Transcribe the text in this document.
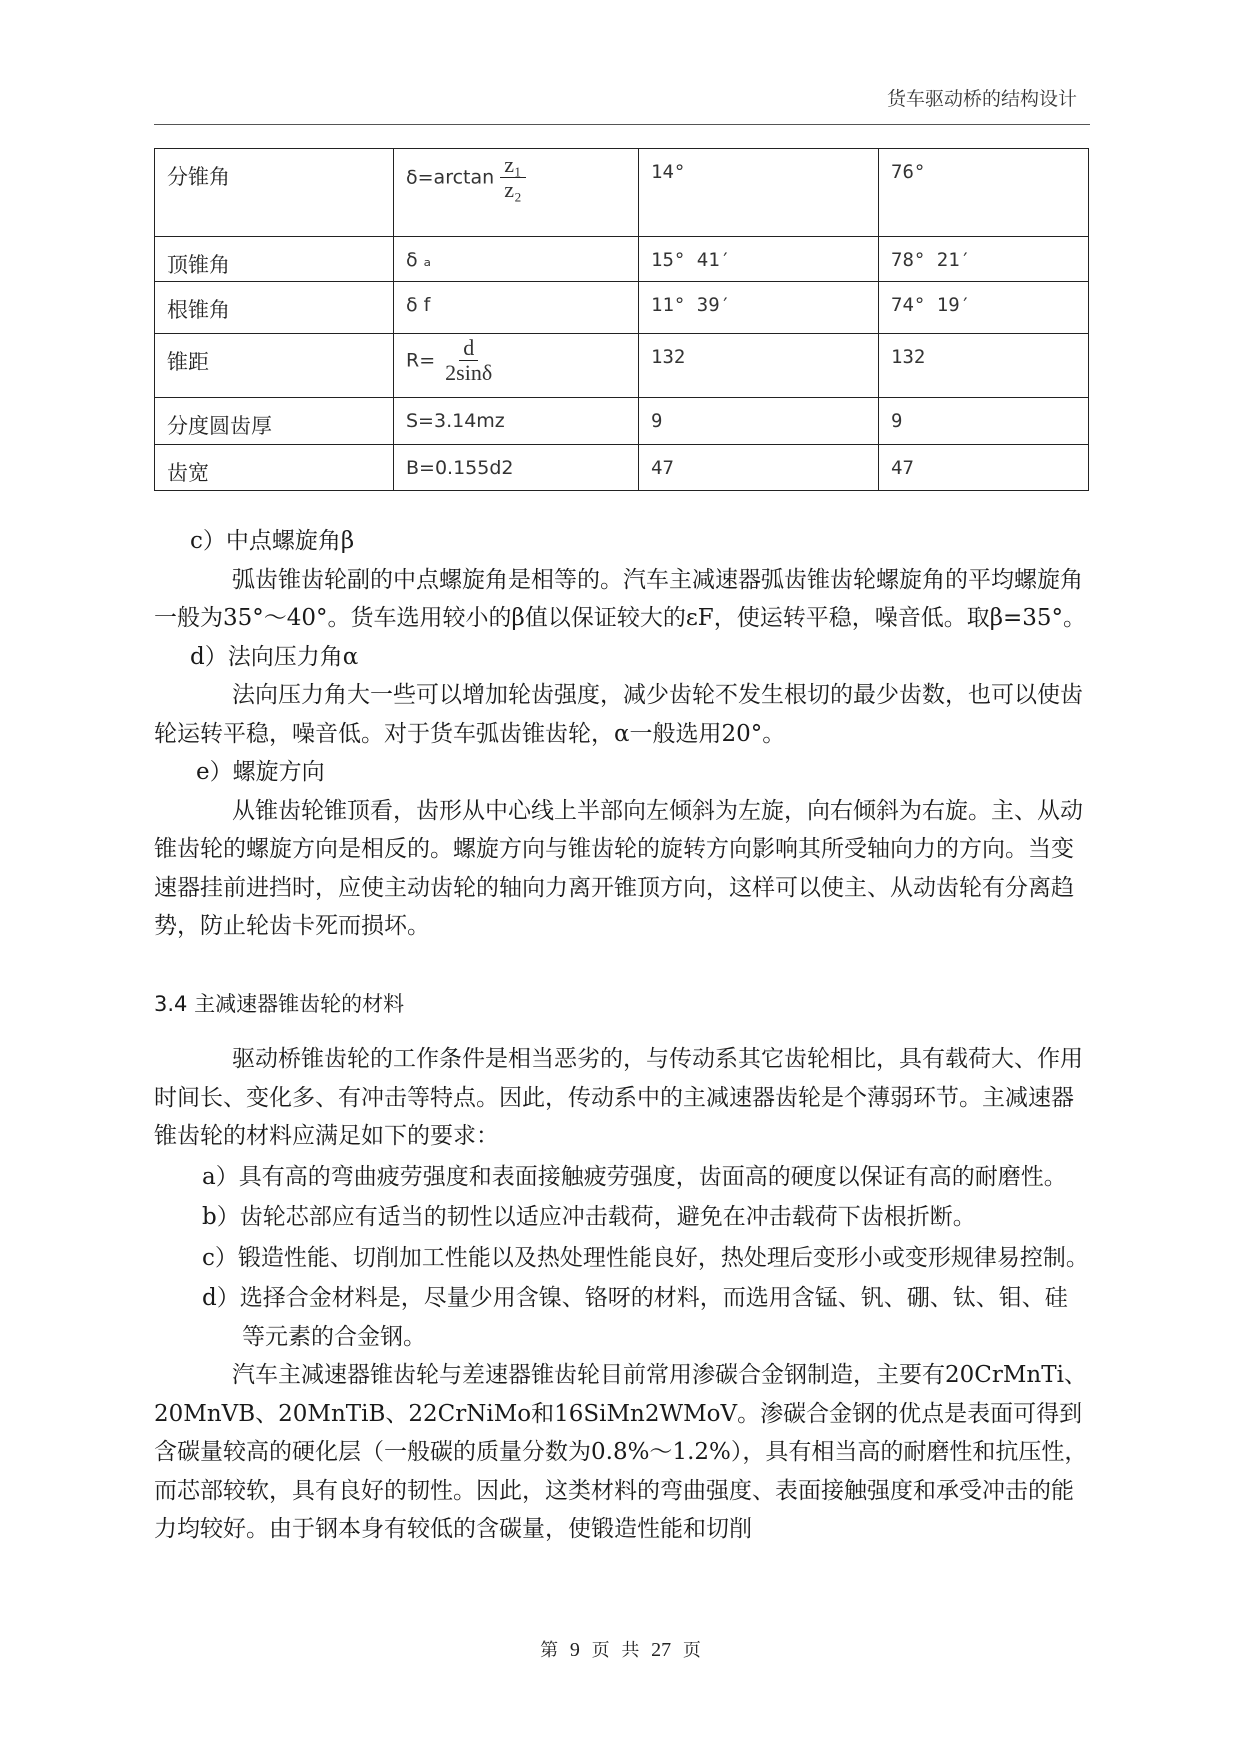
货车驱动桥的结构设计
分锥角	$\delta=\arctan \frac{\text{z₁}}{\text{z₂}}$	14°	76°
顶锥角	δ ₐ	15° 41′	78° 21′
根锥角	δ f	11° 39′	74° 19′
锥距	$R= \frac{d}{2\sin\delta}$	132	132
分度圆齿厚	S=3.14mz	9	9
齿宽	B=0.155d2	47	47

c）中点螺旋角β

弧齿锥齿轮副的中点螺旋角是相等的。汽车主减速器弧齿锥齿轮螺旋角的平均螺旋角一般为35°～40°。货车选用较小的β值以保证较大的εF，使运转平稳，噪音低。取β=35°。

d）法向压力角α

法向压力角大一些可以增加轮齿强度，减少齿轮不发生根切的最少齿数，也可以使齿轮运转平稳，噪音低。对于货车弧齿锥齿轮，α一般选用20°。

e）螺旋方向

从锥齿轮锥顶看，齿形从中心线上半部向左倾斜为左旋，向右倾斜为右旋。主、从动锥齿轮的螺旋方向是相反的。螺旋方向与锥齿轮的旋转方向影响其所受轴向力的方向。当变速器挂前进挡时，应使主动齿轮的轴向力离开锥顶方向，这样可以使主、从动齿轮有分离趋势，防止轮齿卡死而损坏。

3.4 主减速器锥齿轮的材料

驱动桥锥齿轮的工作条件是相当恶劣的，与传动系其它齿轮相比，具有载荷大、作用时间长、变化多、有冲击等特点。因此，传动系中的主减速器齿轮是个薄弱环节。主减速器锥齿轮的材料应满足如下的要求：

a）具有高的弯曲疲劳强度和表面接触疲劳强度，齿面高的硬度以保证有高的耐磨性。

b）齿轮芯部应有适当的韧性以适应冲击载荷，避免在冲击载荷下齿根折断。

c）锻造性能、切削加工性能以及热处理性能良好，热处理后变形小或变形规律易控制。

d）选择合金材料是，尽量少用含镍、铬呀的材料，而选用含锰、钒、硼、钛、钼、硅等元素的合金钢。

汽车主减速器锥齿轮与差速器锥齿轮目前常用渗碳合金钢制造，主要有20CrMnTi、20MnVB、20MnTiB、22CrNiMo和16SiMn2WMoV。渗碳合金钢的优点是表面可得到含碳量较高的硬化层（一般碳的质量分数为0.8%～1.2%），具有相当高的耐磨性和抗压性，而芯部较软，具有良好的韧性。因此，这类材料的弯曲强度、表面接触强度和承受冲击的能力均较好。由于钢本身有较低的含碳量，使锻造性能和切削

第 9 页 共 27 页
